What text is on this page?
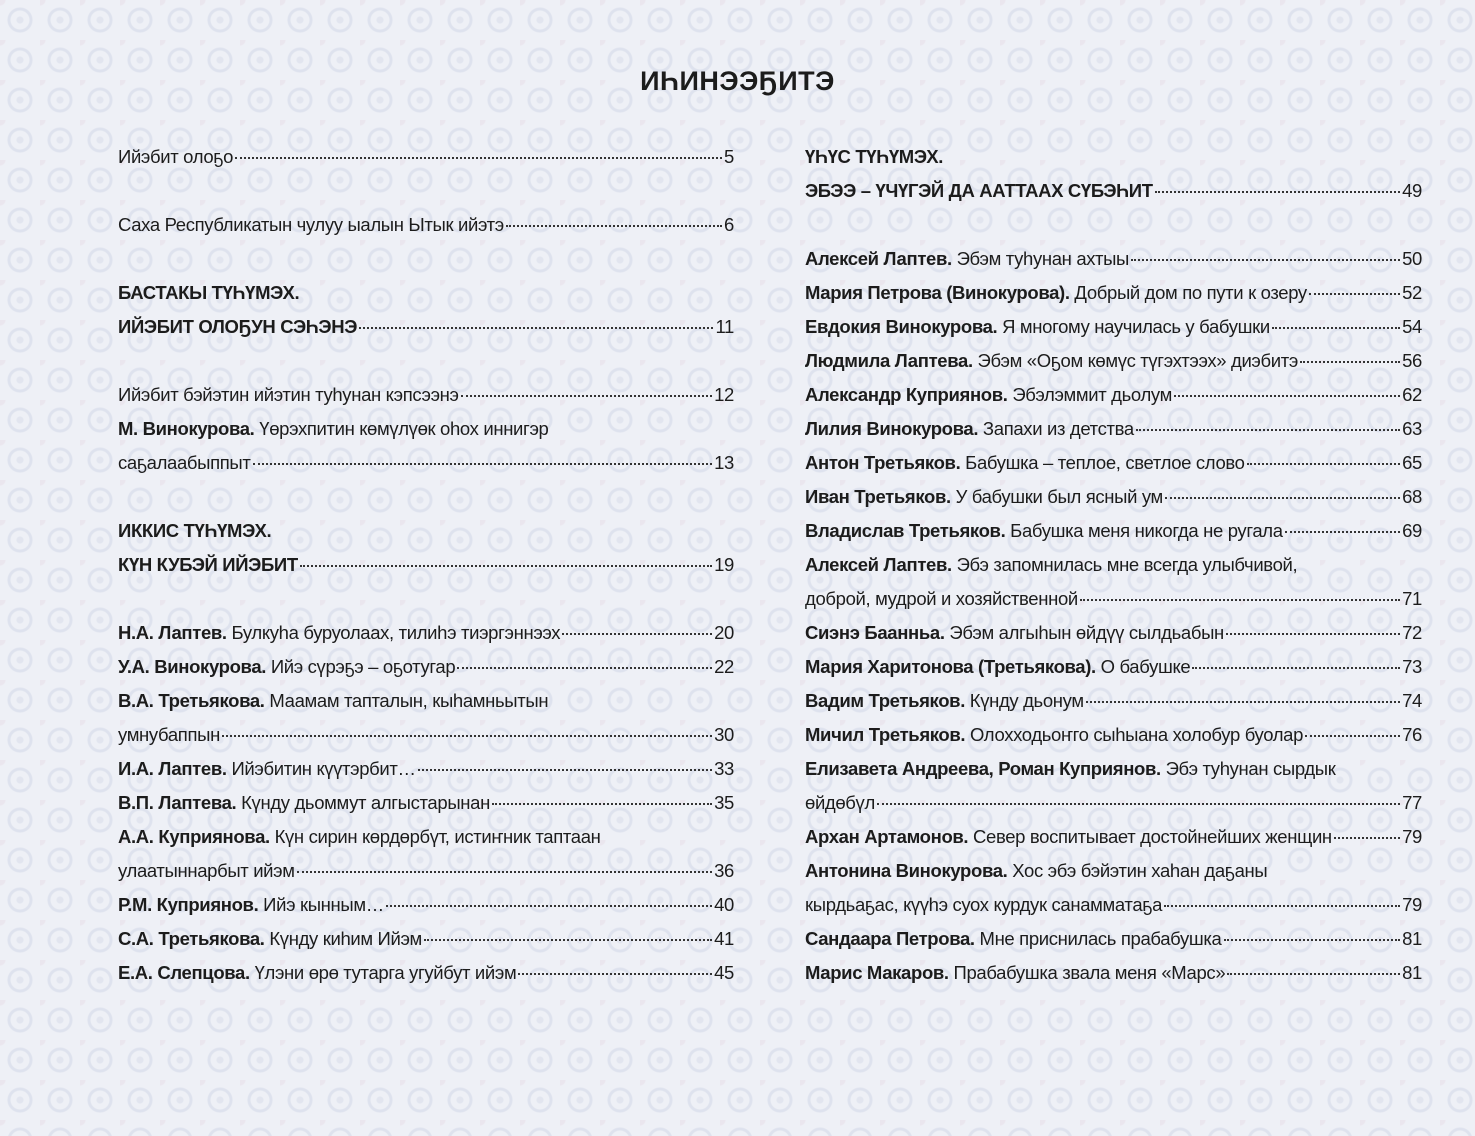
ИҺИНЭЭҔИТЭ
Ийэбит олоҕо	5
Саха Республикатын чулуу ыалын Ытык ийэтэ	6
БАСТАКЫ ТҮҺҮМЭХ.
ИЙЭБИТ ОЛОҔУН СЭҺЭНЭ	11
Ийэбит бэйэтин ийэтин туһунан кэпсээнэ	12
М. Винокурова. Үөрэхпитин көмүлүөк оһох иннигэр
саҕалаабыппыт	13
ИККИС ТҮҺҮМЭХ.
КҮН КУБЭЙ ИЙЭБИТ	19
Н.А. Лаптев. Булкуһа буруолаах, тилиһэ тиэргэннээх	20
У.А. Винокурова. Ийэ сүрэҕэ – оҕотугар	22
В.А. Третьякова. Маамам тапталын, кыһамньытын
умнубаппын	30
И.А. Лаптев. Ийэбитин күүтэрбит…	33
В.П. Лаптева. Күнду дьоммут алгыстарынан	35
А.А. Куприянова. Күн сирин көрдөрбүт, истиҥник таптаан
улаатыннарбыт ийэм	36
Р.М. Куприянов. Ийэ кынным…	40
С.А. Третьякова. Күнду киһим Ийэм	41
Е.А. Слепцова. Үлэни өрө тутарга угуйбут ийэм	45
ҮҺҮС ТҮҺҮМЭХ.
ЭБЭЭ – ҮЧҮГЭЙ ДА ААТТААХ СҮБЭҺИТ	49
Алексей Лаптев. Эбэм туһунан ахтыы	50
Мария Петрова (Винокурова). Добрый дом по пути к озеру	52
Евдокия Винокурова. Я многому научилась у бабушки	54
Людмила Лаптева. Эбэм «Оҕом көмүс түгэхтээх» диэбитэ	56
Александр Куприянов. Эбэлэммит дьолум	62
Лилия Винокурова. Запахи из детства	63
Антон Третьяков. Бабушка – теплое, светлое слово	65
Иван Третьяков. У бабушки был ясный ум	68
Владислав Третьяков. Бабушка меня никогда не ругала	69
Алексей Лаптев. Эбэ запомнилась мне всегда улыбчивой,
доброй, мудрой и хозяйственной	71
Сиэнэ Баанньа. Эбэм алгыһын өйдүү сылдьабын	72
Мария Харитонова (Третьякова). О бабушке	73
Вадим Третьяков. Күнду дьонум	74
Мичил Третьяков. Олохходьоҥго сыһыана холобур буолар	76
Елизавета Андреева, Роман Куприянов. Эбэ туһунан сырдык
өйдөбүл	77
Архан Артамонов. Север воспитывает достойнейших женщин	79
Антонина Винокурова. Хос эбэ бэйэтин хаһан даҕаны
кырдьаҕас, күүһэ суох курдук санамматаҕа	79
Сандаара Петрова. Мне приснилась прабабушка	81
Марис Макаров. Прабабушка звала меня «Марс»	81
